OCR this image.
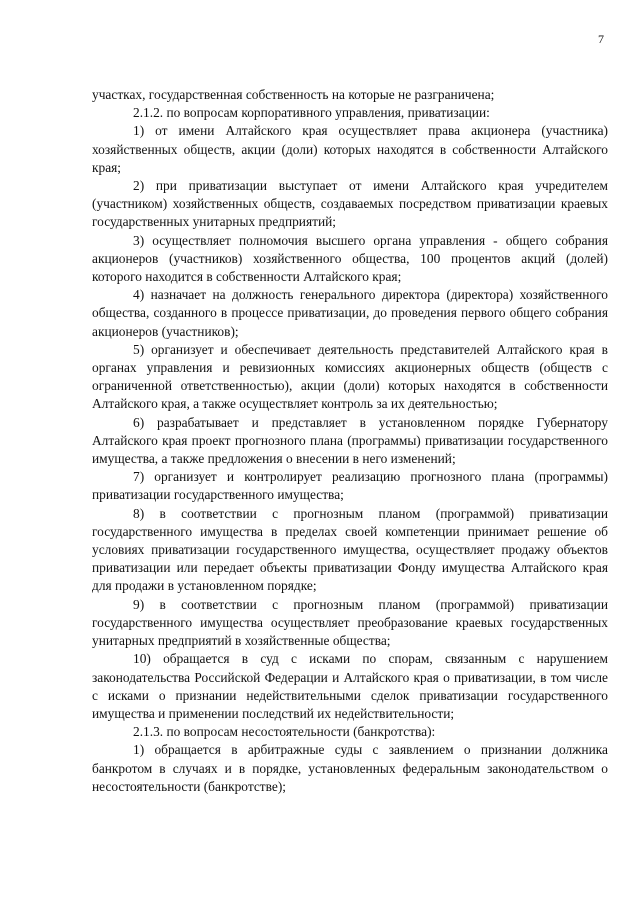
7

участках, государственная собственность на которые не разграничена;

2.1.2. по вопросам корпоративного управления, приватизации:

1) от имени Алтайского края осуществляет права акционера (участника) хозяйственных обществ, акции (доли) которых находятся в собственности Алтайского края;

2) при приватизации выступает от имени Алтайского края учредителем (участником) хозяйственных обществ, создаваемых посредством приватизации краевых государственных унитарных предприятий;

3) осуществляет полномочия высшего органа управления - общего собрания акционеров (участников) хозяйственного общества, 100 процентов акций (долей) которого находится в собственности Алтайского края;

4) назначает на должность генерального директора (директора) хозяйственного общества, созданного в процессе приватизации, до проведения первого общего собрания акционеров (участников);

5) организует и обеспечивает деятельность представителей Алтайского края в органах управления и ревизионных комиссиях акционерных обществ (обществ с ограниченной ответственностью), акции (доли) которых находятся в собственности Алтайского края, а также осуществляет контроль за их деятельностью;

6) разрабатывает и представляет в установленном порядке Губернатору Алтайского края проект прогнозного плана (программы) приватизации государственного имущества, а также предложения о внесении в него изменений;

7) организует и контролирует реализацию прогнозного плана (программы) приватизации государственного имущества;

8) в соответствии с прогнозным планом (программой) приватизации государственного имущества в пределах своей компетенции принимает решение об условиях приватизации государственного имущества, осуществляет продажу объектов приватизации или передает объекты приватизации Фонду имущества Алтайского края для продажи в установленном порядке;

9) в соответствии с прогнозным планом (программой) приватизации государственного имущества осуществляет преобразование краевых государственных унитарных предприятий в хозяйственные общества;

10) обращается в суд с исками по спорам, связанным с нарушением законодательства Российской Федерации и Алтайского края о приватизации, в том числе с исками о признании недействительными сделок приватизации государственного имущества и применении последствий их недействительности;

2.1.3. по вопросам несостоятельности (банкротства):

1) обращается в арбитражные суды с заявлением о признании должника банкротом в случаях и в порядке, установленных федеральным законодательством о несостоятельности (банкротстве);
